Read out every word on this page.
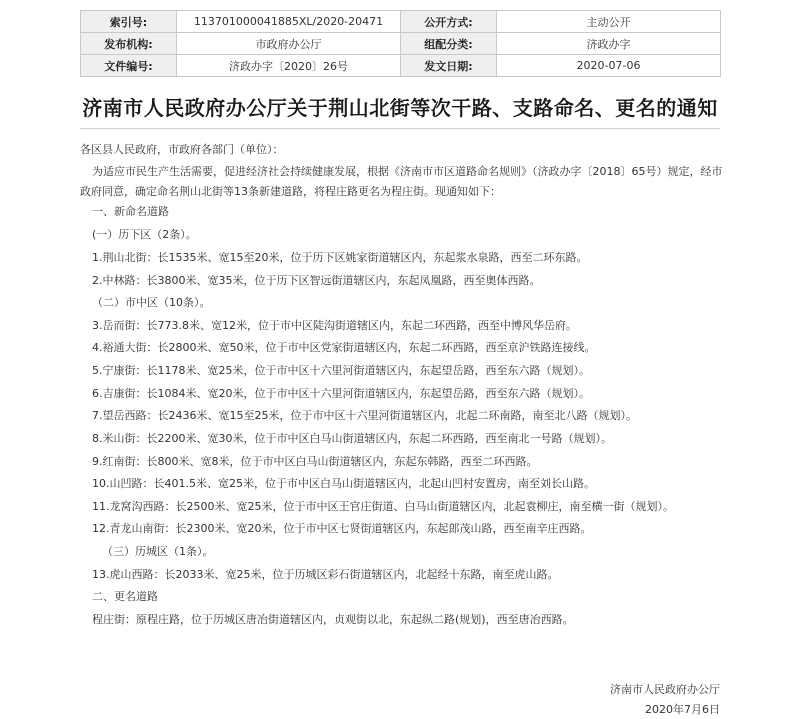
索引号:	113701000041885XL/2020-20471	公开方式:	主动公开
发布机构:	市政府办公厅	组配分类:	济政办字
文件编号:	济政办字〔2020〕26号	发文日期:	2020-07-06
济南市人民政府办公厅关于荆山北街等次干路、支路命名、更名的通知
各区县人民政府，市政府各部门（单位）：
为适应市民生产生活需要，促进经济社会持续健康发展，根据《济南市市区道路命名规则》（济政办字〔2018〕65号）规定，经市
政府同意，确定命名荆山北街等13条新建道路，将程庄路更名为程庄街。现通知如下：
一、新命名道路
(一）历下区（2条）。
1.荆山北街：长1535米、宽15至20米，位于历下区姚家街道辖区内，东起浆水泉路，西至二环东路。
2.中林路：长3800米、宽35米，位于历下区智远街道辖区内，东起凤凰路，西至奥体西路。
（二）市中区（10条）。
3.岳而街：长773.8米、宽12米，位于市中区陡沟街道辖区内，东起二环西路，西至中博风华岳府。
4.裕通大街：长2800米、宽50米，位于市中区党家街道辖区内，东起二环西路，西至京沪铁路连接线。
5.宁康街：长1178米、宽25米，位于市中区十六里河街道辖区内，东起望岳路，西至东六路（规划）。
6.吉康街：长1084米、宽20米，位于市中区十六里河街道辖区内，东起望岳路，西至东六路（规划）。
7.望岳西路：长2436米、宽15至25米，位于市中区十六里河街道辖区内，北起二环南路，南至北八路（规划）。
8.米山街：长2200米、宽30米，位于市中区白马山街道辖区内，东起二环西路，西至南北一号路（规划）。
9.红南街：长800米、宽8米，位于市中区白马山街道辖区内，东起东韩路，西至二环西路。
10.山凹路：长401.5米、宽25米，位于市中区白马山街道辖区内，北起山凹村安置房，南至刘长山路。
11.龙窝沟西路：长2500米、宽25米，位于市中区王官庄街道、白马山街道辖区内，北起袁柳庄，南至横一街（规划）。
12.青龙山南街：长2300米、宽20米，位于市中区七贤街道辖区内，东起郎茂山路，西至南辛庄西路。
（三）历城区（1条）。
13.虎山西路：长2033米、宽25米，位于历城区彩石街道辖区内，北起经十东路，南至虎山路。
二、更名道路
程庄街：原程庄路，位于历城区唐冶街道辖区内，贞观街以北，东起纵二路(规划)，西至唐冶西路。
济南市人民政府办公厅
2020年7月6日
